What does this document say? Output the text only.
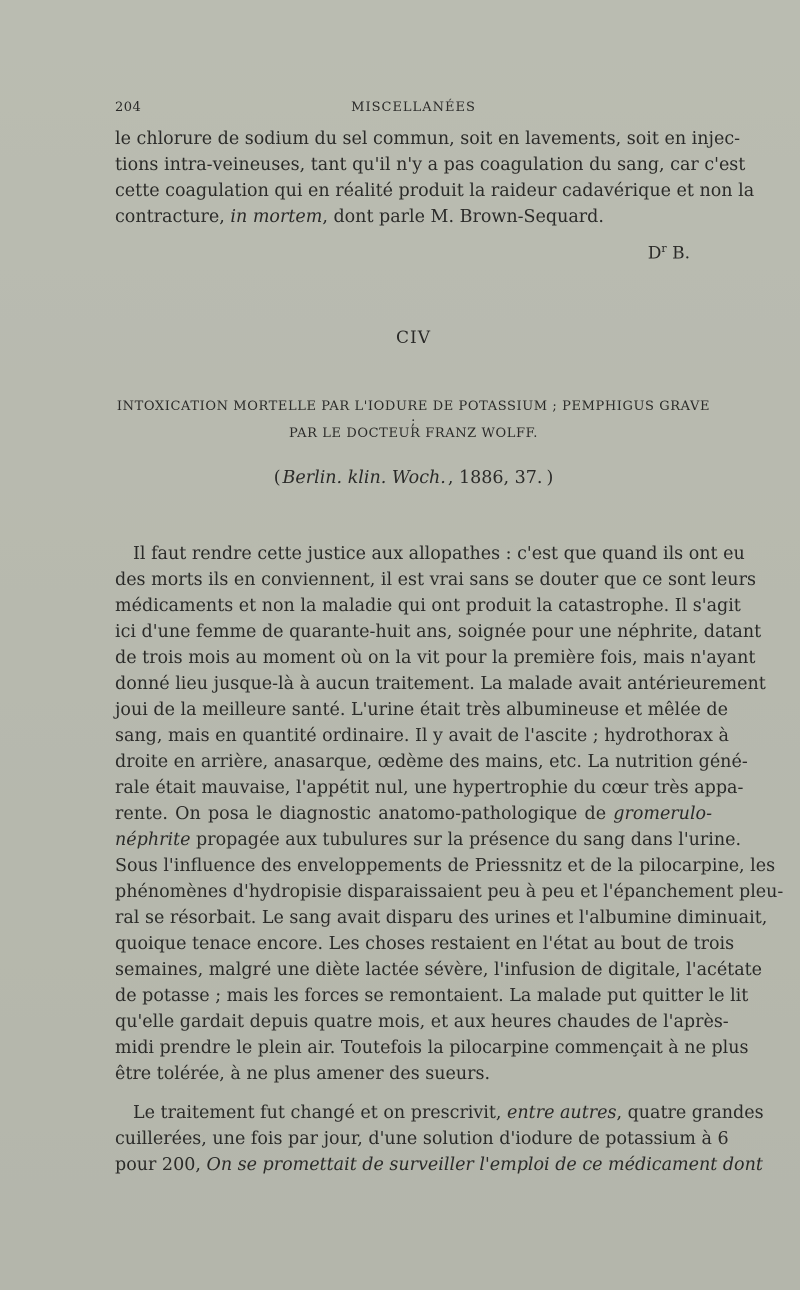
204	MISCELLANÉES
le chlorure de sodium du sel commun, soit en lavements, soit en injec-
tions intra-veineuses, tant qu'il n'y a pas coagulation du sang, car c'est
cette coagulation qui en réalité produit la raideur cadavérique et non la
contracture, in mortem, dont parle M. Brown-Sequard.
$D^r$ B.
CIV
INTOXICATION MORTELLE PAR L'IODURE DE POTASSIUM ; PEMPHIGUS GRAVE ;
PAR LE DOCTEUR FRANZ WOLFF.
( Berlin. klin. Woch. , 1886, 37. )
Il faut rendre cette justice aux allopathes : c'est que quand ils ont eu
des morts ils en conviennent, il est vrai sans se douter que ce sont leurs
médicaments et non la maladie qui ont produit la catastrophe. Il s'agit
ici d'une femme de quarante-huit ans, soignée pour une néphrite, datant
de trois mois au moment où on la vit pour la première fois, mais n'ayant
donné lieu jusque-là à aucun traitement. La malade avait antérieurement
joui de la meilleure santé. L'urine était très albumineuse et mêlée de
sang, mais en quantité ordinaire. Il y avait de l'ascite ; hydrothorax à
droite en arrière, anasarque, œdème des mains, etc. La nutrition géné-
rale était mauvaise, l'appétit nul, une hypertrophie du cœur très appa-
rente. On posa le diagnostic anatomo-pathologique de gromerulo-
néphrite propagée aux tubulures sur la présence du sang dans l'urine.
Sous l'influence des enveloppements de Priessnitz et de la pilocarpine, les
phénomènes d'hydropisie disparaissaient peu à peu et l'épanchement pleu-
ral se résorbait. Le sang avait disparu des urines et l'albumine diminuait,
quoique tenace encore. Les choses restaient en l'état au bout de trois
semaines, malgré une diète lactée sévère, l'infusion de digitale, l'acétate
de potasse ; mais les forces se remontaient. La malade put quitter le lit
qu'elle gardait depuis quatre mois, et aux heures chaudes de l'après-
midi prendre le plein air. Toutefois la pilocarpine commençait à ne plus
être tolérée, à ne plus amener des sueurs.
Le traitement fut changé et on prescrivit, entre autres, quatre grandes
cuillerées, une fois par jour, d'une solution d'iodure de potassium à 6
pour 200, On se promettait de surveiller l'emploi de ce médicament dont
